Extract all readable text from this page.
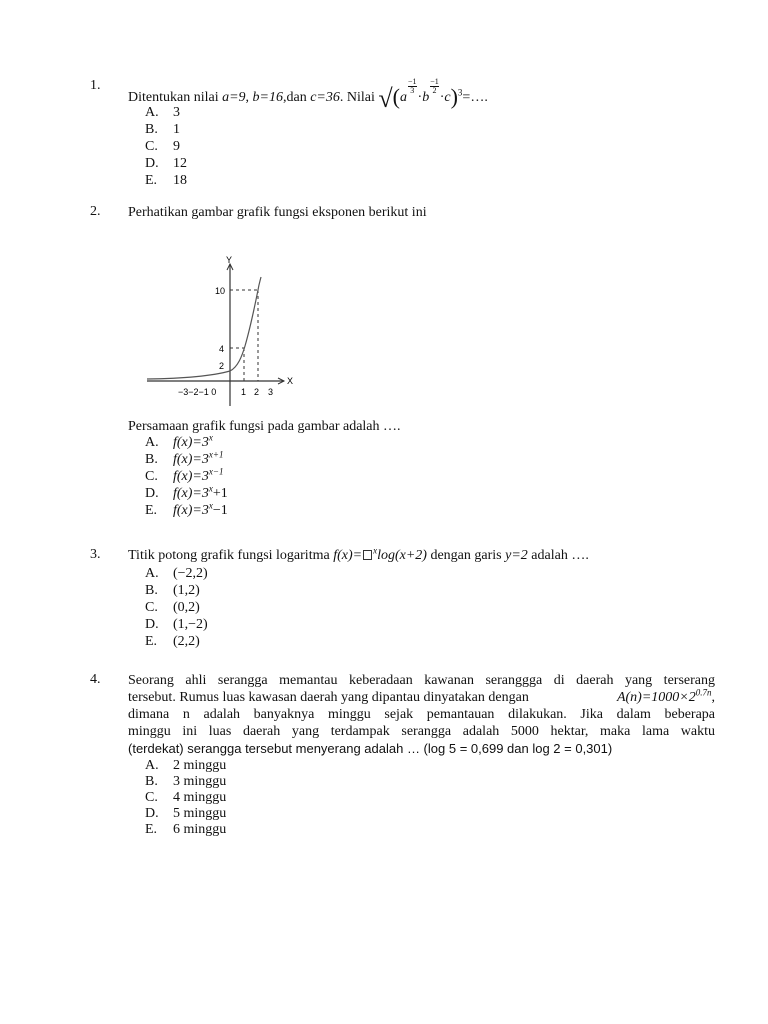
1.
Ditentukan nilai a=9, b=16,dan c=36. Nilai √(a
$\frac{-1}{3}$
·b
$\frac{-1}{2}$
·c)$^3$=….
A. 3
B. 1
C. 9
D. 12
E. 18
2. Perhatikan gambar grafik fungsi eksponen berikut ini
Y
X
10
4
2
−3−2−1 0	1 2 3
Persamaan grafik fungsi pada gambar adalah ….
A. $f(x)=3^x$
B. $f(x)=3^{x+1}$
C. $f(x)=3^{x-1}$
D. $f(x)=3^x+1$
E. $f(x)=3^x-1$
3. Titik potong grafik fungsi logaritma f(x)= $^x$log(x+2) dengan garis y=2 adalah ….
A. (−2,2)
B. (1,2)
C. (0,2)
D. (1,−2)
E. (2,2)
4. Seorang ahli serangga memantau keberadaan kawanan seranggga di daerah yang terserang
tersebut. Rumus luas kawasan daerah yang dipantau dinyatakan dengan	$A(n)=1000\times 2^{0.7n}$,
dimana n adalah banyaknya minggu sejak pemantauan dilakukan. Jika dalam beberapa
minggu ini luas daerah yang terdampak serangga adalah 5000 hektar, maka lama waktu
(terdekat) serangga tersebut menyerang adalah … (log 5 = 0,699 dan log 2 = 0,301)
A. 2 minggu
B. 3 minggu
C. 4 minggu
D. 5 minggu
E. 6 minggu
